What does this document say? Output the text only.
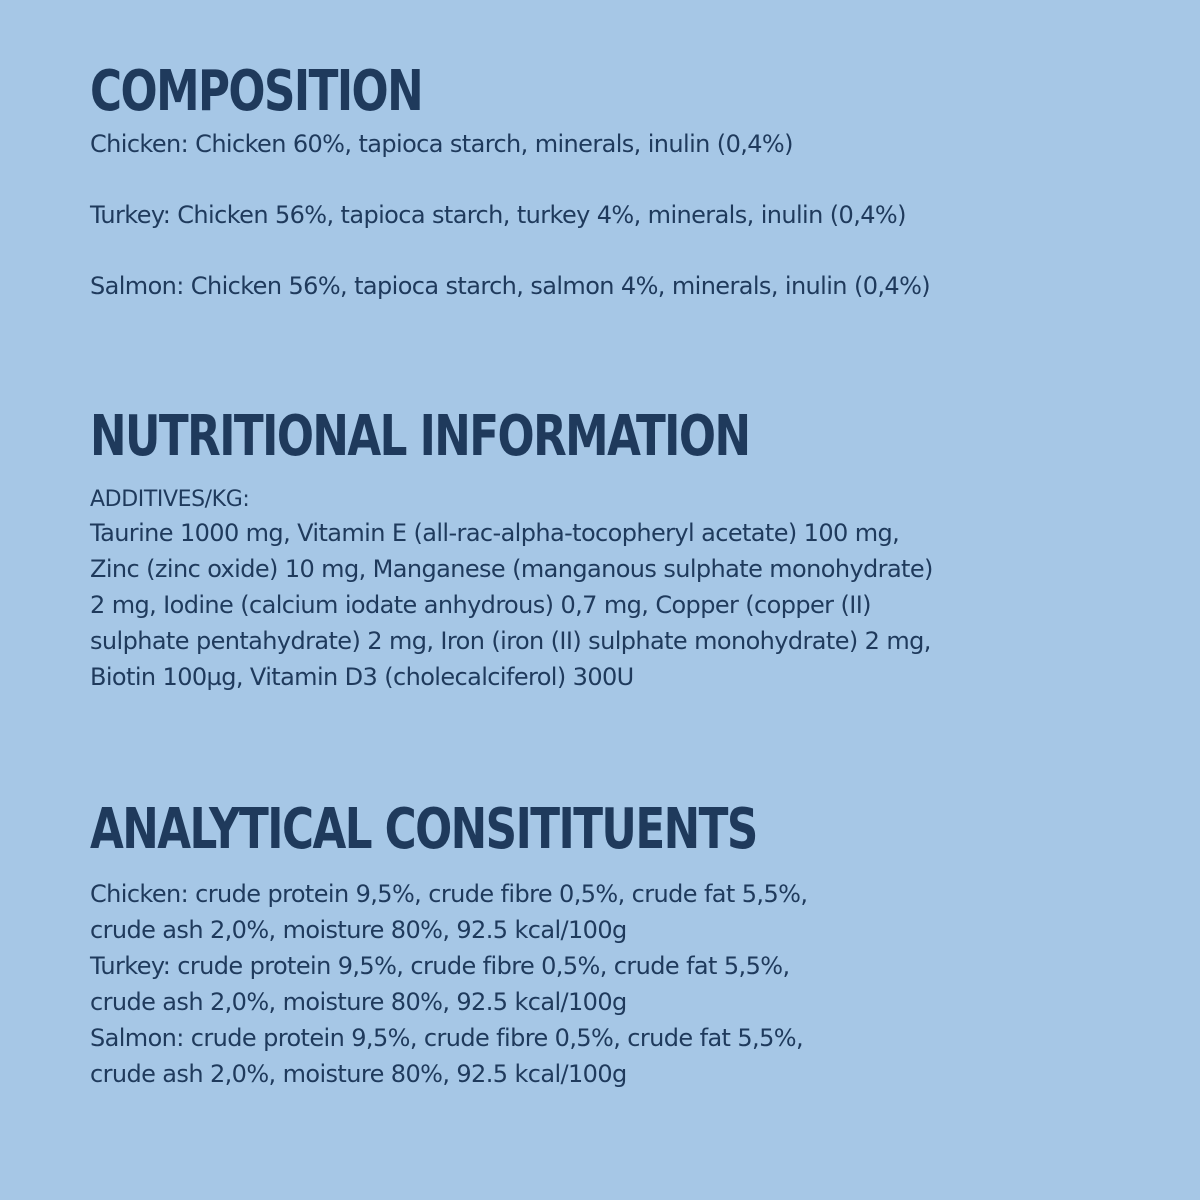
COMPOSITION
Chicken: Chicken 60%, tapioca starch, minerals, inulin (0,4%)
Turkey: Chicken 56%, tapioca starch, turkey 4%, minerals, inulin (0,4%)
Salmon: Chicken 56%, tapioca starch, salmon 4%, minerals, inulin (0,4%)
NUTRITIONAL INFORMATION
ADDITIVES/KG:
Taurine 1000 mg, Vitamin E (all-rac-alpha-tocopheryl acetate) 100 mg,
Zinc (zinc oxide) 10 mg, Manganese (manganous sulphate monohydrate)
2 mg, Iodine (calcium iodate anhydrous) 0,7 mg, Copper (copper (II)
sulphate pentahydrate) 2 mg, Iron (iron (II) sulphate monohydrate) 2 mg,
Biotin 100µg, Vitamin D3 (cholecalciferol) 300U
ANALYTICAL CONSITITUENTS
Chicken: crude protein 9,5%, crude fibre 0,5%, crude fat 5,5%,
crude ash 2,0%, moisture 80%, 92.5 kcal/100g
Turkey: crude protein 9,5%, crude fibre 0,5%, crude fat 5,5%,
crude ash 2,0%, moisture 80%, 92.5 kcal/100g
Salmon: crude protein 9,5%, crude fibre 0,5%, crude fat 5,5%,
crude ash 2,0%, moisture 80%, 92.5 kcal/100g
